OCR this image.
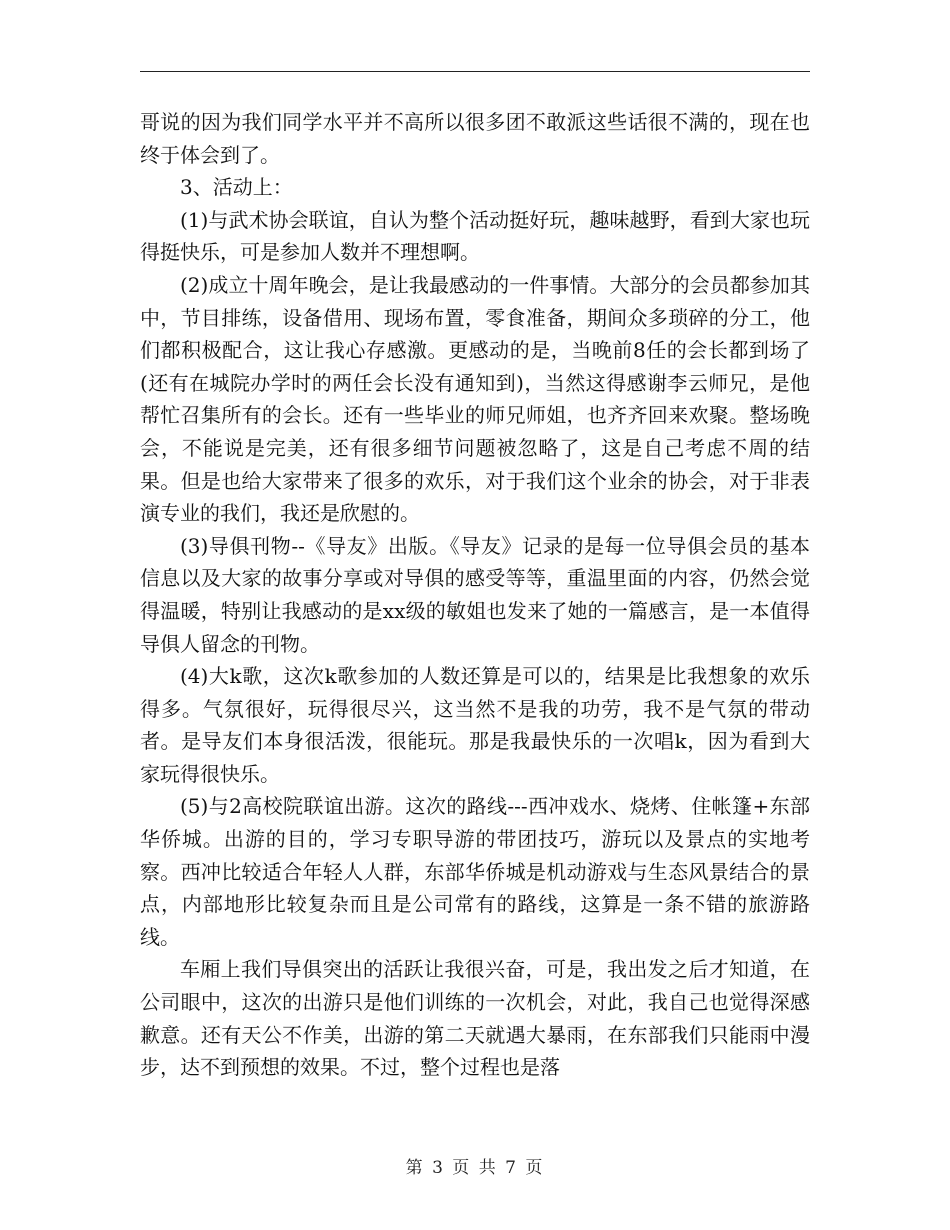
哥说的因为我们同学水平并不高所以很多团不敢派这些话很不满的，现在也终于体会到了。

3、活动上：

(1)与武术协会联谊，自认为整个活动挺好玩，趣味越野，看到大家也玩得挺快乐，可是参加人数并不理想啊。

(2)成立十周年晚会，是让我最感动的一件事情。大部分的会员都参加其中，节目排练，设备借用、现场布置，零食准备，期间众多琐碎的分工，他们都积极配合，这让我心存感激。更感动的是，当晚前8任的会长都到场了(还有在城院办学时的两任会长没有通知到)，当然这得感谢李云师兄，是他帮忙召集所有的会长。还有一些毕业的师兄师姐，也齐齐回来欢聚。整场晚会，不能说是完美，还有很多细节问题被忽略了，这是自己考虑不周的结果。但是也给大家带来了很多的欢乐，对于我们这个业余的协会，对于非表演专业的我们，我还是欣慰的。

(3)导俱刊物--《导友》出版。《导友》记录的是每一位导俱会员的基本信息以及大家的故事分享或对导俱的感受等等，重温里面的内容，仍然会觉得温暖，特别让我感动的是xx级的敏姐也发来了她的一篇感言，是一本值得导俱人留念的刊物。

(4)大k歌，这次k歌参加的人数还算是可以的，结果是比我想象的欢乐得多。气氛很好，玩得很尽兴，这当然不是我的功劳，我不是气氛的带动者。是导友们本身很活泼，很能玩。那是我最快乐的一次唱k，因为看到大家玩得很快乐。

(5)与2高校院联谊出游。这次的路线---西冲戏水、烧烤、住帐篷+东部华侨城。出游的目的，学习专职导游的带团技巧，游玩以及景点的实地考察。西冲比较适合年轻人人群，东部华侨城是机动游戏与生态风景结合的景点，内部地形比较复杂而且是公司常有的路线，这算是一条不错的旅游路线。

车厢上我们导俱突出的活跃让我很兴奋，可是，我出发之后才知道，在公司眼中，这次的出游只是他们训练的一次机会，对此，我自己也觉得深感歉意。还有天公不作美，出游的第二天就遇大暴雨，在东部我们只能雨中漫步，达不到预想的效果。不过，整个过程也是落

第 3 页 共 7 页
